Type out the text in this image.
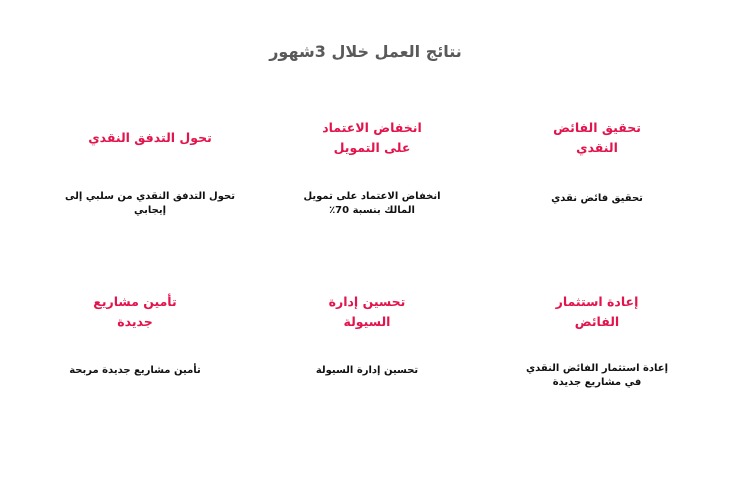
نتائج العمل خلال 3شهور
تحقيق الفائض النقدي
تحقيق فائض نقدي
انخفاض الاعتماد على التمويل
انخفاض الاعتماد على تمويل المالك بنسبة 70٪
تحول التدفق النقدي
تحول التدفق النقدي من سلبي إلى إيجابي
إعادة استثمار الفائض
إعادة استثمار الفائض النقدي في مشاريع جديدة
تحسين إدارة السيولة
تحسين إدارة السيولة
تأمين مشاريع جديدة
تأمين مشاريع جديدة مربحة
